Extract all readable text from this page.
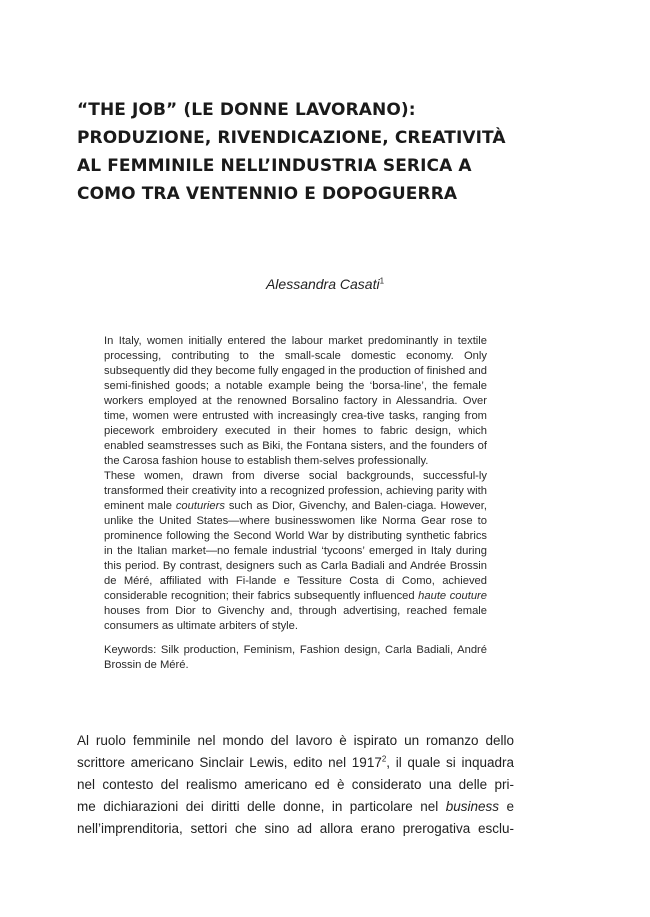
“THE JOB” (LE DONNE LAVORANO):
PRODUZIONE, RIVENDICAZIONE, CREATIVITÀ
AL FEMMINILE NELL’INDUSTRIA SERICA A
COMO TRA VENTENNIO E DOPOGUERRA
Alessandra Casati$^1$

In Italy, women initially entered the labour market predominantly in textile processing, contributing to the small-scale domestic economy. Only subsequently did they become fully engaged in the production of finished and semi-finished goods; a notable example being the ‘borsa-line’, the female workers employed at the renowned Borsalino factory in Alessandria. Over time, women were entrusted with increasingly crea-tive tasks, ranging from piecework embroidery executed in their homes to fabric design, which enabled seamstresses such as Biki, the Fontana sisters, and the founders of the Carosa fashion house to establish them-selves professionally.

These women, drawn from diverse social backgrounds, successful-ly transformed their creativity into a recognized profession, achieving parity with eminent male couturiers such as Dior, Givenchy, and Balen-ciaga. However, unlike the United States—where businesswomen like Norma Gear rose to prominence following the Second World War by distributing synthetic fabrics in the Italian market—no female industrial ‘tycoons’ emerged in Italy during this period. By contrast, designers such as Carla Badiali and Andrée Brossin de Méré, affiliated with Fi-lande e Tessiture Costa di Como, achieved considerable recognition; their fabrics subsequently influenced haute couture houses from Dior to Givenchy and, through advertising, reached female consumers as ultimate arbiters of style.

Keywords: Silk production, Feminism, Fashion design, Carla Badiali, André Brossin de Méré.

Al ruolo femminile nel mondo del lavoro è ispirato un romanzo dello
scrittore americano Sinclair Lewis, edito nel 1917$^2$, il quale si inquadra
nel contesto del realismo americano ed è considerato una delle pri-
me dichiarazioni dei diritti delle donne, in particolare nel business e
nell’imprenditoria, settori che sino ad allora erano prerogativa esclu-
